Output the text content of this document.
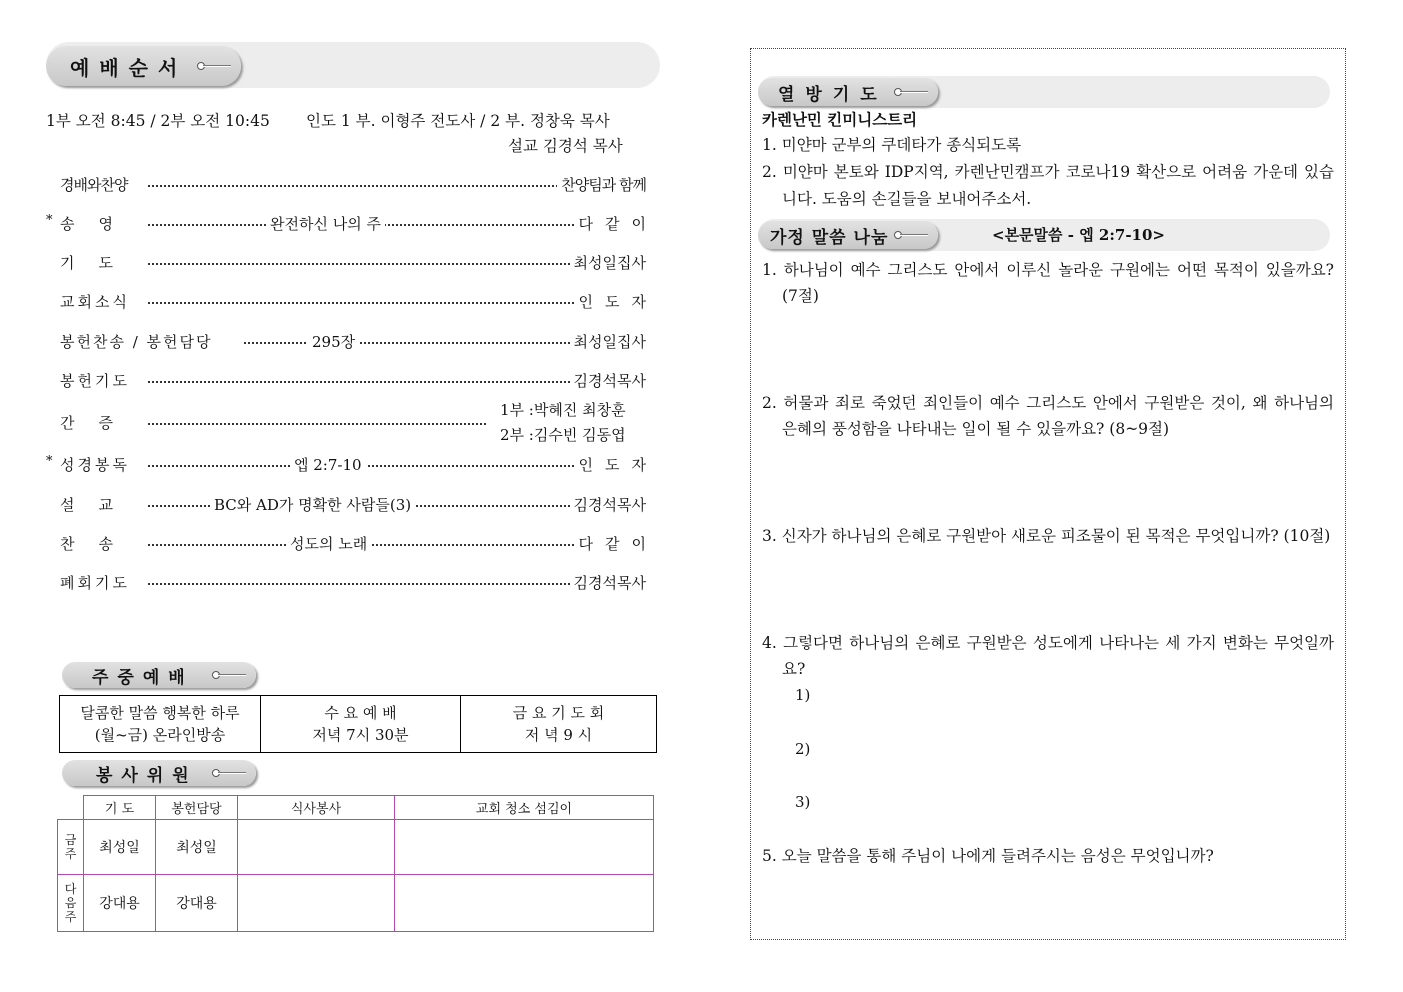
예배순서
1부 오전 8:45 / 2부 오전 10:45 인도 1 부. 이형주 전도사 / 2 부. 정창욱 목사
설교 김경석 목사
경배와찬양	찬양팀과 함께
* 송영	완전하신 나의 주	다같이
기도	최성일집사
교회소식	인도자
봉헌찬송 / 봉헌담당	295장	최성일집사
봉헌기도	김경석목사
간증
1부 :박혜진 최창훈
2부 :김수빈 김동엽
* 성경봉독	엡 2:7-10	인도자
설교	BC와 AD가 명확한 사람들(3)	김경석목사
찬송	성도의 노래	다같이
폐회기도	김경석목사
주중예배
달콤한 말씀 행복한 하루
(월~금) 온라인방송

수 요 예 배
저녁 7시 30분

금 요 기 도 회
저 녁 9 시
봉사위원
	기 도	봉헌담당	식사봉사	교회 청소 섬김이
금주	최성일	최성일		
다음주	강대용	강대용		
열방기도
카렌난민 킨미니스트리
1. 미얀마 군부의 쿠데타가 종식되도록
2. 미얀마 본토와 IDP지역, 카렌난민캠프가 코로나19 확산으로 어려움 가운데 있습니다. 도움의 손길들을 보내어주소서.
가정 말씀 나눔	<본문말씀 - 엡 2:7-10>
1. 하나님이 예수 그리스도 안에서 이루신 놀라운 구원에는 어떤 목적이 있을까요? (7절)
2. 허물과 죄로 죽었던 죄인들이 예수 그리스도 안에서 구원받은 것이, 왜 하나님의 은혜의 풍성함을 나타내는 일이 될 수 있을까요? (8~9절)
3. 신자가 하나님의 은혜로 구원받아 새로운 피조물이 된 목적은 무엇입니까? (10절)
4. 그렇다면 하나님의 은혜로 구원받은 성도에게 나타나는 세 가지 변화는 무엇일까요?
1)
2)
3)
5. 오늘 말씀을 통해 주님이 나에게 들려주시는 음성은 무엇입니까?
